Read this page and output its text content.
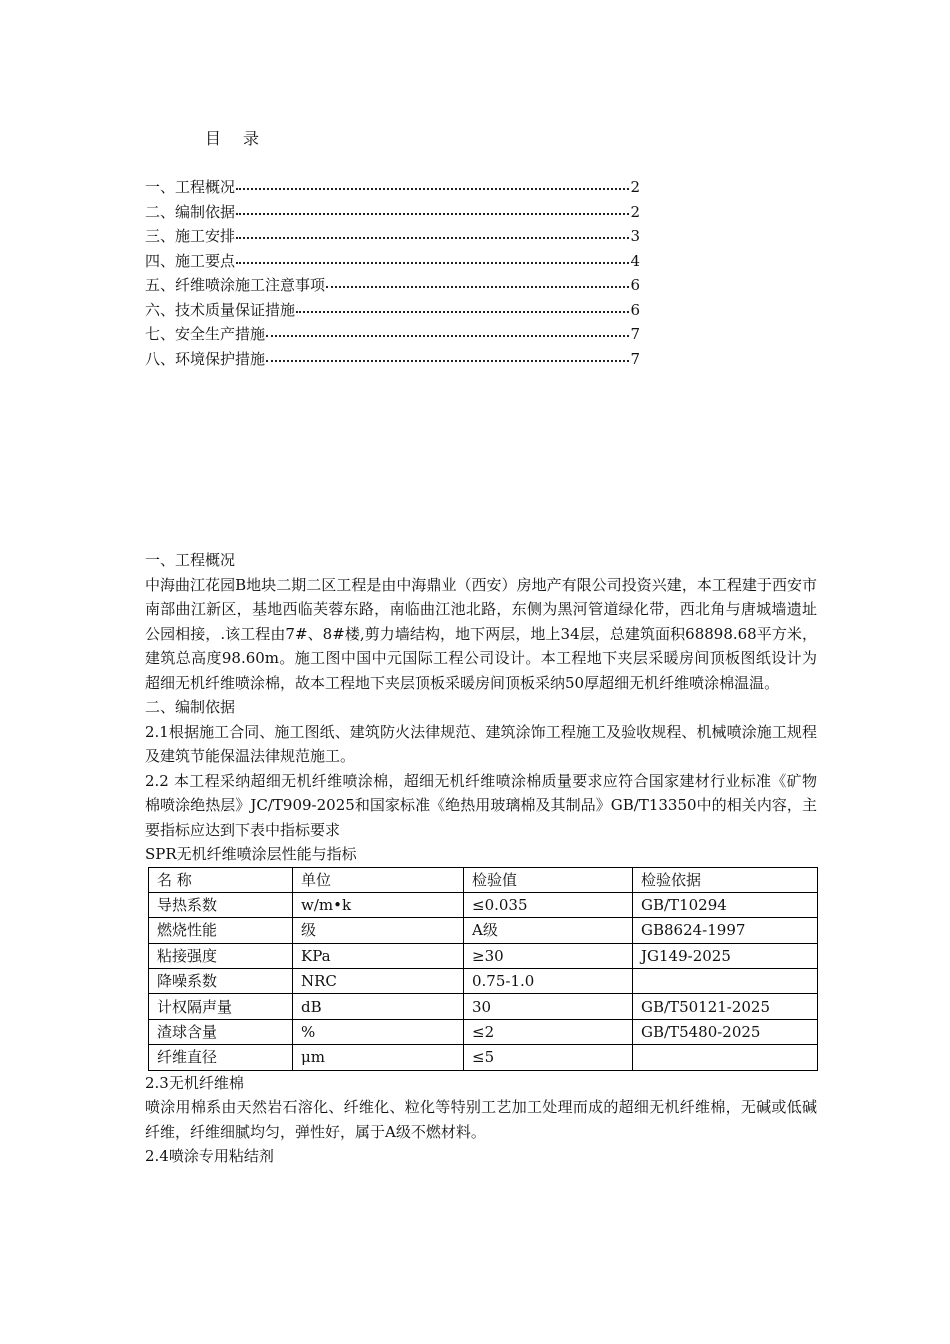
目 录
一、工程概况	2
二、编制依据	2
三、施工安排	3
四、施工要点	4
五、纤维喷涂施工注意事项	6
六、技术质量保证措施	6
七、安全生产措施	7
八、环境保护措施	7

一、工程概况

中海曲江花园B地块二期二区工程是由中海鼎业（西安）房地产有限公司投资兴建，本工程建于西安市南部曲江新区，基地西临芙蓉东路，南临曲江池北路，东侧为黑河管道绿化带，西北角与唐城墙遗址公园相接，.该工程由7#、8#楼,剪力墙结构，地下两层，地上34层，总建筑面积68898.68平方米，建筑总高度98.60m。施工图中国中元国际工程公司设计。本工程地下夹层采暖房间顶板图纸设计为超细无机纤维喷涂棉，故本工程地下夹层顶板采暖房间顶板采纳50厚超细无机纤维喷涂棉温温。

二、编制依据

2.1根据施工合同、施工图纸、建筑防火法律规范、建筑涂饰工程施工及验收规程、机械喷涂施工规程及建筑节能保温法律规范施工。

2.2 本工程采纳超细无机纤维喷涂棉，超细无机纤维喷涂棉质量要求应符合国家建材行业标准《矿物棉喷涂绝热层》JC/T909-2025和国家标准《绝热用玻璃棉及其制品》GB/T13350中的相关内容，主要指标应达到下表中指标要求

SPR无机纤维喷涂层性能与指标

名 称	单位	检验值	检验依据
导热系数	w/m•k	≤0.035	GB/T10294
燃烧性能	级	A级	GB8624-1997
粘接强度	KPa	≥30	JG149-2025
降噪系数	NRC	0.75-1.0	
计权隔声量	dB	30	GB/T50121-2025
渣球含量	%	≤2	GB/T5480-2025
纤维直径	μm	≤5	

2.3无机纤维棉

喷涂用棉系由天然岩石溶化、纤维化、粒化等特别工艺加工处理而成的超细无机纤维棉，无碱或低碱纤维，纤维细腻均匀，弹性好，属于A级不燃材料。

2.4喷涂专用粘结剂
